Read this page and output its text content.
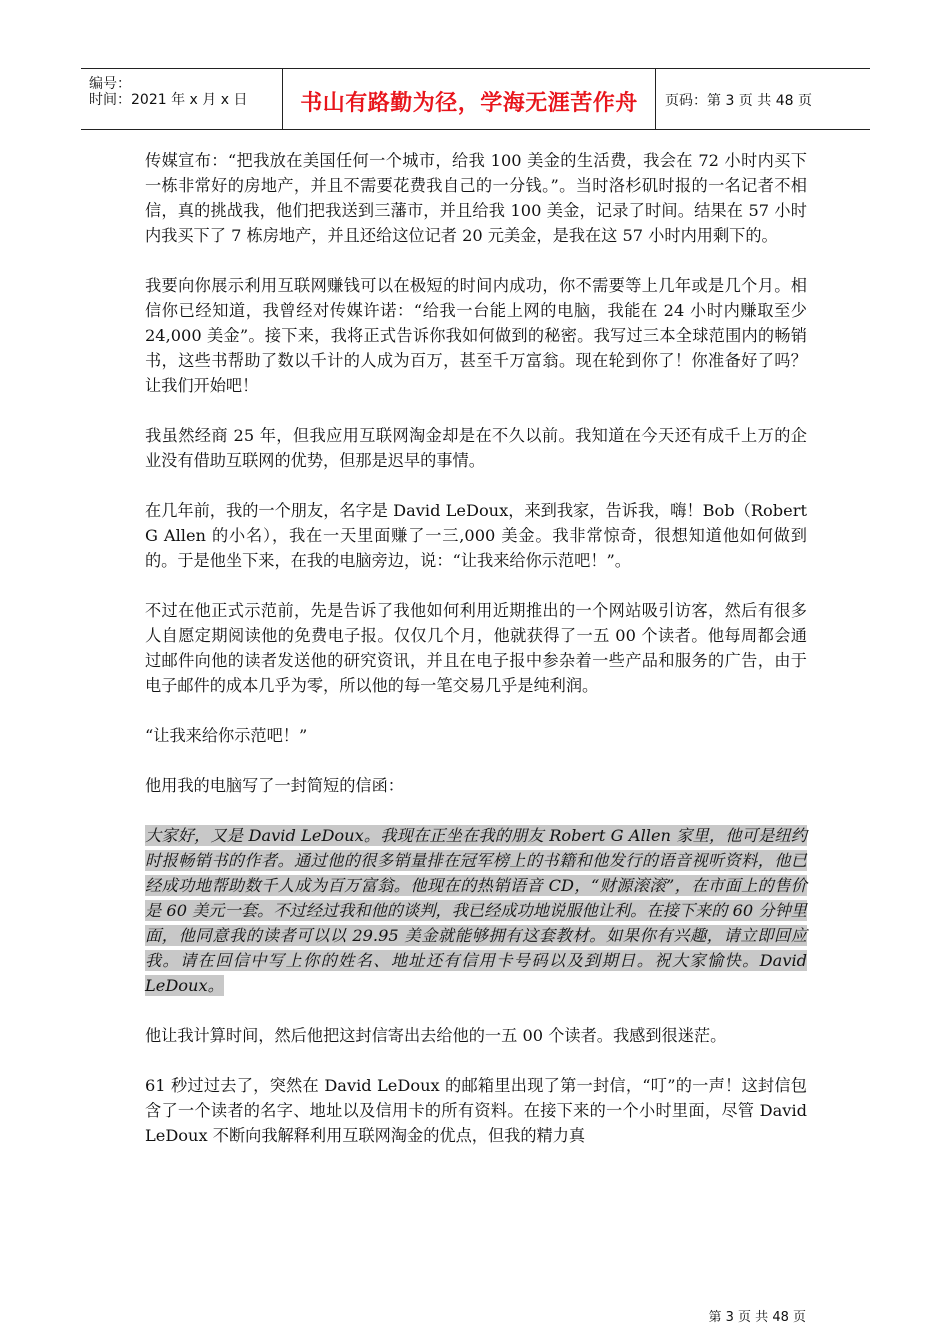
编号：
时间：2021 年 x 月 x 日 书山有路勤为径，学海无涯苦作舟 页码：第 3 页 共 48 页

传媒宣布：“把我放在美国任何一个城市，给我 100 美金的生活费，我会在 72 小时内买下一栋非常好的房地产，并且不需要花费我自己的一分钱。”。当时洛杉矶时报的一名记者不相信，真的挑战我，他们把我送到三藩市，并且给我 100 美金，记录了时间。结果在 57 小时内我买下了 7 栋房地产，并且还给这位记者 20 元美金，是我在这 57 小时内用剩下的。

我要向你展示利用互联网赚钱可以在极短的时间内成功，你不需要等上几年或是几个月。相信你已经知道，我曾经对传媒许诺：“给我一台能上网的电脑，我能在 24 小时内赚取至少 24,000 美金”。接下来，我将正式告诉你我如何做到的秘密。我写过三本全球范围内的畅销书，这些书帮助了数以千计的人成为百万，甚至千万富翁。现在轮到你了！你准备好了吗？让我们开始吧！

我虽然经商 25 年，但我应用互联网淘金却是在不久以前。我知道在今天还有成千上万的企业没有借助互联网的优势，但那是迟早的事情。

在几年前，我的一个朋友，名字是 David LeDoux，来到我家，告诉我，嗨！Bob（Robert G Allen 的小名），我在一天里面赚了一三,000 美金。我非常惊奇，很想知道他如何做到的。于是他坐下来，在我的电脑旁边，说：“让我来给你示范吧！”。

不过在他正式示范前，先是告诉了我他如何利用近期推出的一个网站吸引访客，然后有很多人自愿定期阅读他的免费电子报。仅仅几个月，他就获得了一五 00 个读者。他每周都会通过邮件向他的读者发送他的研究资讯，并且在电子报中参杂着一些产品和服务的广告，由于电子邮件的成本几乎为零，所以他的每一笔交易几乎是纯利润。

“让我来给你示范吧！”

他用我的电脑写了一封简短的信函：

大家好，又是 David LeDoux。我现在正坐在我的朋友 Robert G Allen 家里，他可是纽约时报畅销书的作者。通过他的很多销量排在冠军榜上的书籍和他发行的语音视听资料，他已经成功地帮助数千人成为百万富翁。他现在的热销语音 CD，“财源滚滚”，在市面上的售价是 60 美元一套。不过经过我和他的谈判，我已经成功地说服他让利。在接下来的 60 分钟里面，他同意我的读者可以以 29.95 美金就能够拥有这套教材。如果你有兴趣，请立即回应我。请在回信中写上你的姓名、地址还有信用卡号码以及到期日。祝大家愉快。David LeDoux。

他让我计算时间，然后他把这封信寄出去给他的一五 00 个读者。我感到很迷茫。

61 秒过过去了，突然在 David LeDoux 的邮箱里出现了第一封信，“叮”的一声！这封信包含了一个读者的名字、地址以及信用卡的所有资料。在接下来的一个小时里面，尽管 David LeDoux 不断向我解释利用互联网淘金的优点，但我的精力真

第 3 页 共 48 页
